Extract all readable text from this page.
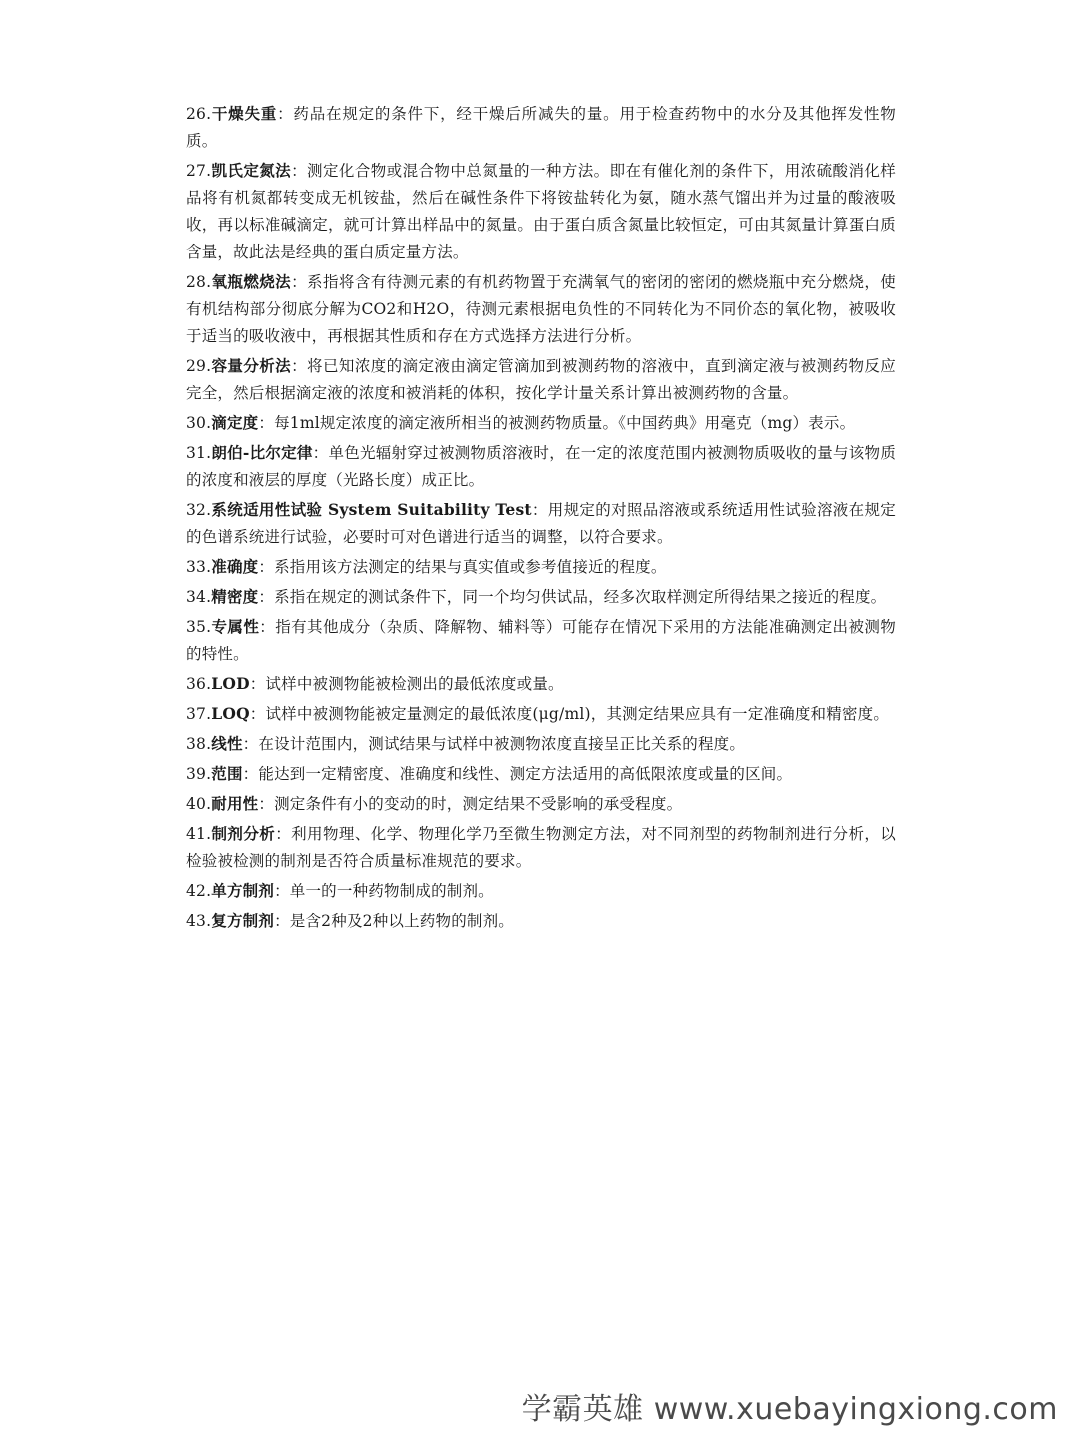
26.干燥失重：药品在规定的条件下，经干燥后所减失的量。用于检查药物中的水分及其他挥发性物质。

27.凯氏定氮法：测定化合物或混合物中总氮量的一种方法。即在有催化剂的条件下，用浓硫酸消化样品将有机氮都转变成无机铵盐，然后在碱性条件下将铵盐转化为氨，随水蒸气馏出并为过量的酸液吸收，再以标准碱滴定，就可计算出样品中的氮量。由于蛋白质含氮量比较恒定，可由其氮量计算蛋白质含量，故此法是经典的蛋白质定量方法。

28.氧瓶燃烧法：系指将含有待测元素的有机药物置于充满氧气的密闭的密闭的燃烧瓶中充分燃烧，使有机结构部分彻底分解为CO2和H2O，待测元素根据电负性的不同转化为不同价态的氧化物，被吸收于适当的吸收液中，再根据其性质和存在方式选择方法进行分析。

29.容量分析法：将已知浓度的滴定液由滴定管滴加到被测药物的溶液中，直到滴定液与被测药物反应完全，然后根据滴定液的浓度和被消耗的体积，按化学计量关系计算出被测药物的含量。

30.滴定度：每1ml规定浓度的滴定液所相当的被测药物质量。《中国药典》用毫克（mg）表示。

31.朗伯-比尔定律：单色光辐射穿过被测物质溶液时，在一定的浓度范围内被测物质吸收的量与该物质的浓度和液层的厚度（光路长度）成正比。

32.系统适用性试验 System Suitability Test：用规定的对照品溶液或系统适用性试验溶液在规定的色谱系统进行试验，必要时可对色谱进行适当的调整，以符合要求。

33.准确度：系指用该方法测定的结果与真实值或参考值接近的程度。

34.精密度：系指在规定的测试条件下，同一个均匀供试品，经多次取样测定所得结果之接近的程度。

35.专属性：指有其他成分（杂质、降解物、辅料等）可能存在情况下采用的方法能准确测定出被测物的特性。

36.LOD：试样中被测物能被检测出的最低浓度或量。

37.LOQ：试样中被测物能被定量测定的最低浓度(μg/ml)，其测定结果应具有一定准确度和精密度。

38.线性：在设计范围内，测试结果与试样中被测物浓度直接呈正比关系的程度。

39.范围：能达到一定精密度、准确度和线性、测定方法适用的高低限浓度或量的区间。

40.耐用性：测定条件有小的变动的时，测定结果不受影响的承受程度。

41.制剂分析：利用物理、化学、物理化学乃至微生物测定方法，对不同剂型的药物制剂进行分析，以检验被检测的制剂是否符合质量标准规范的要求。

42.单方制剂：单一的一种药物制成的制剂。

43.复方制剂：是含2种及2种以上药物的制剂。

学霸英雄 www.xuebayingxiong.com
